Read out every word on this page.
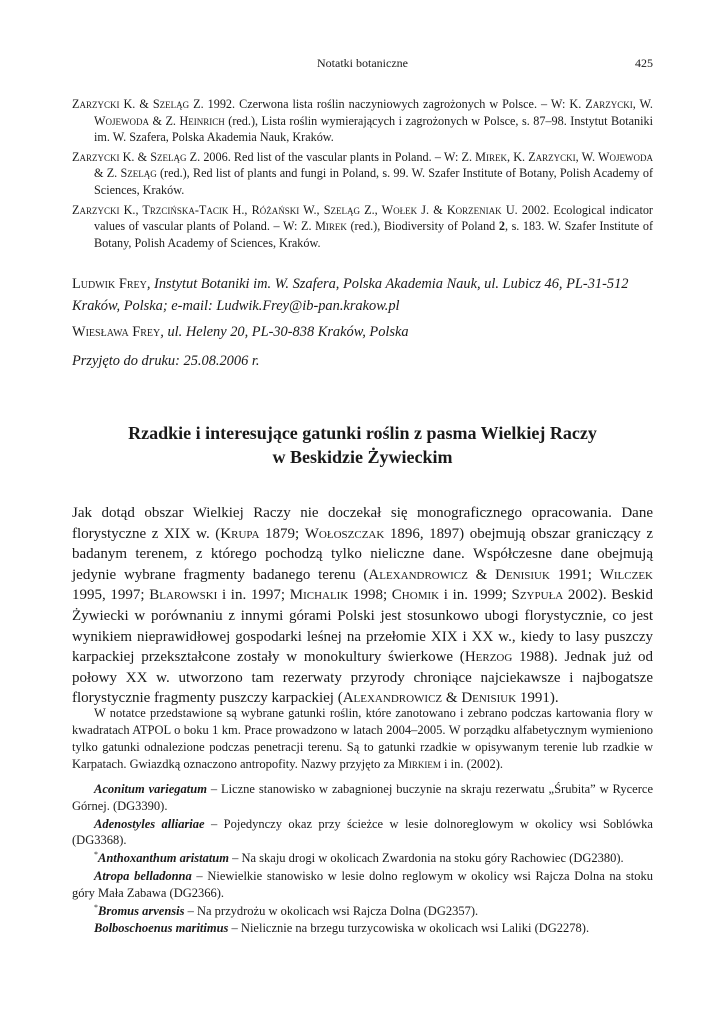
Notatki botaniczne	425

Zarzycki K. & Szeląg Z. 1992. Czerwona lista roślin naczyniowych zagrożonych w Polsce. – W: K. Zarzycki, W. Wojewoda & Z. Heinrich (red.), Lista roślin wymierających i zagrożonych w Polsce, s. 87–98. Instytut Botaniki im. W. Szafera, Polska Akademia Nauk, Kraków.

Zarzycki K. & Szeląg Z. 2006. Red list of the vascular plants in Poland. – W: Z. Mirek, K. Zarzycki, W. Wojewoda & Z. Szeląg (red.), Red list of plants and fungi in Poland, s. 99. W. Szafer Institute of Botany, Polish Academy of Sciences, Kraków.

Zarzycki K., Trzcińska-Tacik H., Różański W., Szeląg Z., Wołek J. & Korzeniak U. 2002. Ecological indicator values of vascular plants of Poland. – W: Z. Mirek (red.), Biodiversity of Poland 2, s. 183. W. Szafer Institute of Botany, Polish Academy of Sciences, Kraków.

Ludwik Frey, Instytut Botaniki im. W. Szafera, Polska Akademia Nauk, ul. Lubicz 46, PL-31-512 Kraków, Polska; e-mail: Ludwik.Frey@ib-pan.krakow.pl

Wiesława Frey, ul. Heleny 20, PL-30-838 Kraków, Polska

Przyjęto do druku: 25.08.2006 r.

Rzadkie i interesujące gatunki roślin z pasma Wielkiej Raczy
w Beskidzie Żywieckim

Jak dotąd obszar Wielkiej Raczy nie doczekał się monograficznego opracowania. Dane florystyczne z XIX w. (Krupa 1879; Wołoszczak 1896, 1897) obejmują obszar graniczący z badanym terenem, z którego pochodzą tylko nieliczne dane. Współczesne dane obejmują jedynie wybrane fragmenty badanego terenu (Alexandrowicz & Denisiuk 1991; Wilczek 1995, 1997; Blarowski i in. 1997; Michalik 1998; Chomik i in. 1999; Szypuła 2002). Beskid Żywiecki w porównaniu z innymi górami Polski jest stosunkowo ubogi florystycznie, co jest wynikiem nieprawidłowej gospodarki leśnej na przełomie XIX i XX w., kiedy to lasy puszczy karpackiej przekształcone zostały w monokultury świerkowe (Herzog 1988). Jednak już od połowy XX w. utworzono tam rezerwaty przyrody chroniące najciekawsze i najbogatsze florystycznie fragmenty puszczy karpackiej (Alexandrowicz & Denisiuk 1991).

W notatce przedstawione są wybrane gatunki roślin, które zanotowano i zebrano podczas kartowania flory w kwadratach ATPOL o boku 1 km. Prace prowadzono w latach 2004–2005. W porządku alfabetycznym wymieniono tylko gatunki odnalezione podczas penetracji terenu. Są to gatunki rzadkie w opisywanym terenie lub rzadkie w Karpatach. Gwiazdką oznaczono antropofity. Nazwy przyjęto za Mirkiem i in. (2002).

Aconitum variegatum – Liczne stanowisko w zabagnionej buczynie na skraju rezerwatu „Śrubita” w Rycerce Górnej. (DG3390).

Adenostyles alliariae – Pojedynczy okaz przy ścieżce w lesie dolnoreglowym w okolicy wsi Soblówka (DG3368).

*Anthoxanthum aristatum – Na skaju drogi w okolicach Zwardonia na stoku góry Rachowiec (DG2380).

Atropa belladonna – Niewielkie stanowisko w lesie dolno reglowym w okolicy wsi Rajcza Dolna na stoku góry Mała Zabawa (DG2366).

*Bromus arvensis – Na przydrożu w okolicach wsi Rajcza Dolna (DG2357).

Bolboschoenus maritimus – Nielicznie na brzegu turzycowiska w okolicach wsi Laliki (DG2278).
